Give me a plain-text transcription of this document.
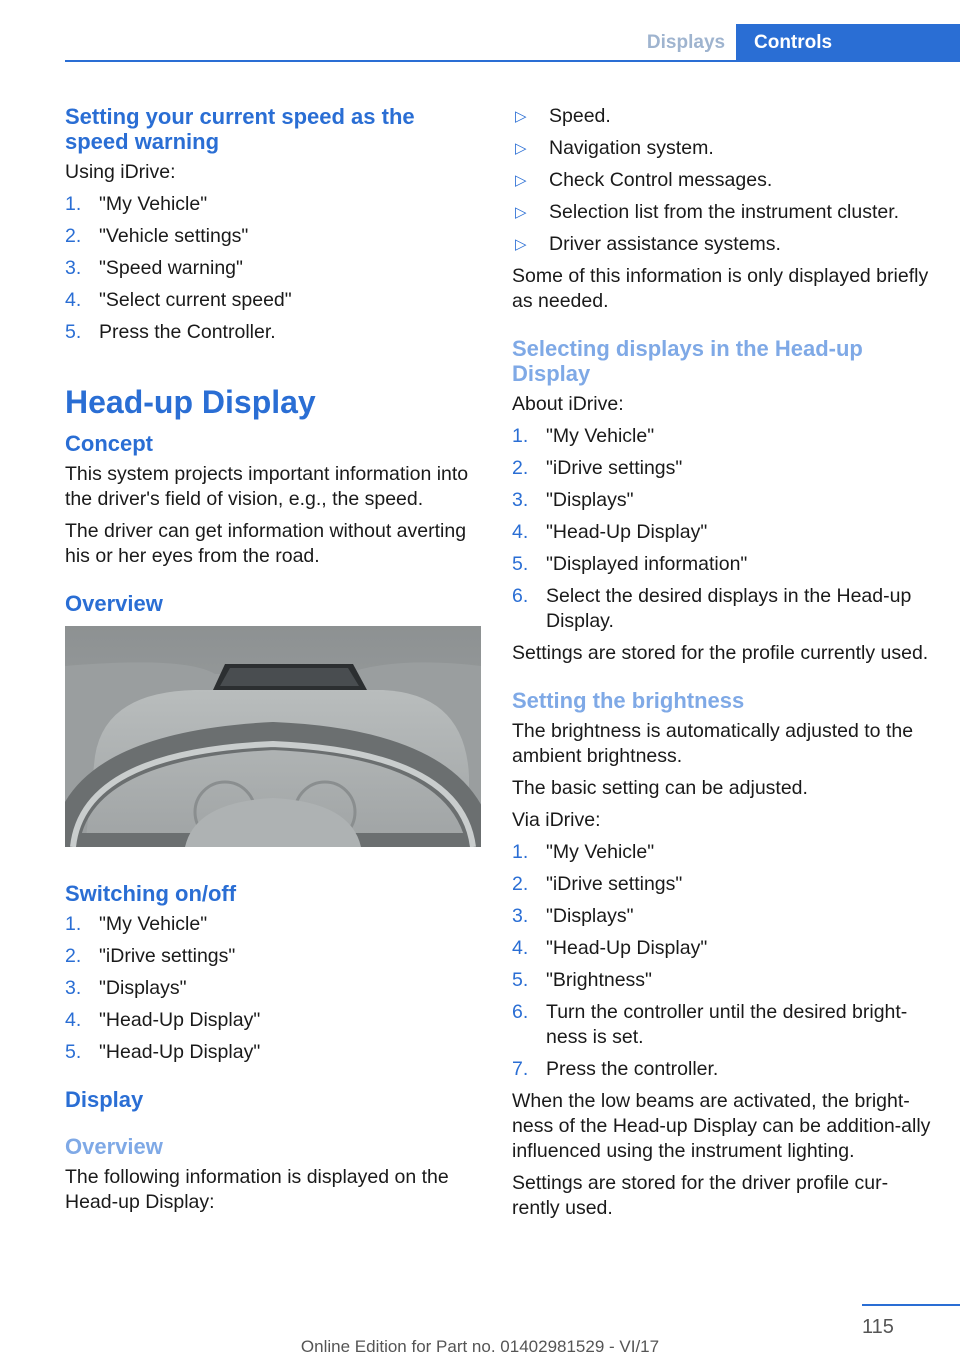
Displays	Controls
Setting your current speed as the speed warning
Using iDrive:
1. "My Vehicle"
2. "Vehicle settings"
3. "Speed warning"
4. "Select current speed"
5. Press the Controller.
Head-up Display
Concept
This system projects important information into the driver's field of vision, e.g., the speed.
The driver can get information without averting his or her eyes from the road.
Overview
Switching on/off
1. "My Vehicle"
2. "iDrive settings"
3. "Displays"
4. "Head-Up Display"
5. "Head-Up Display"
Display
Overview
The following information is displayed on the Head-up Display:
▷	Speed.
▷	Navigation system.
▷	Check Control messages.
▷	Selection list from the instrument cluster.
▷	Driver assistance systems.
Some of this information is only displayed briefly as needed.
Selecting displays in the Head-up Display
About iDrive:
1. "My Vehicle"
2. "iDrive settings"
3. "Displays"
4. "Head-Up Display"
5. "Displayed information"
6. Select the desired displays in the Head-up Display.
Settings are stored for the profile currently used.
Setting the brightness
The brightness is automatically adjusted to the ambient brightness.
The basic setting can be adjusted.
Via iDrive:
1. "My Vehicle"
2. "iDrive settings"
3. "Displays"
4. "Head-Up Display"
5. "Brightness"
6. Turn the controller until the desired bright‐ness is set.
7. Press the controller.
When the low beams are activated, the bright‐ness of the Head-up Display can be addition‐ally influenced using the instrument lighting.
Settings are stored for the driver profile cur‐rently used.
115
Online Edition for Part no. 01402981529 - VI/17
